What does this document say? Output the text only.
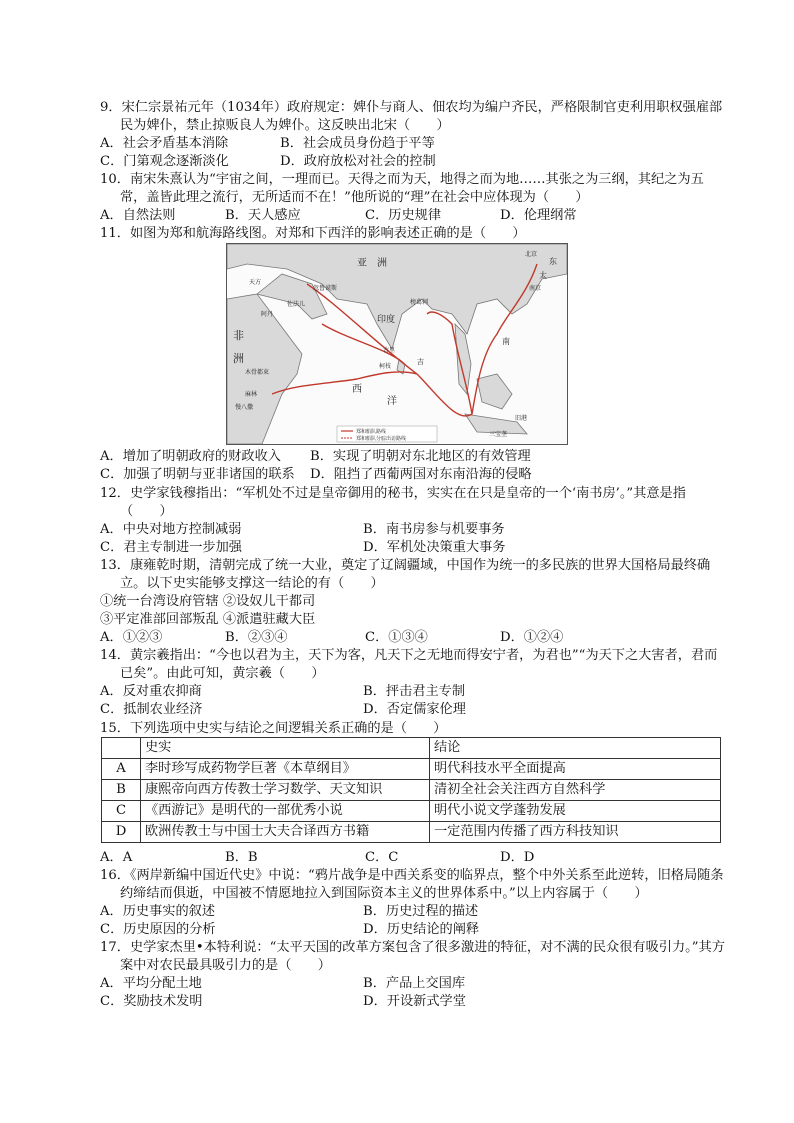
9．宋仁宗景祐元年（1034年）政府规定：婢仆与商人、佃农均为编户齐民，严格限制官吏利用职权强雇部民为婢仆，禁止掠贩良人为婢仆。这反映出北宋（　　）

A．社会矛盾基本消除	B．社会成员身份趋于平等
C．门第观念逐渐淡化	D．政府放松对社会的控制

10．南宋朱熹认为“宇宙之间，一理而已。天得之而为天，地得之而为地……其张之为三纲，其纪之为五常，盖皆此理之流行，无所适而不在！”他所说的“理”在社会中应体现为（　　）

A．自然法则	B．天人感应	C．历史规律	D．伦理纲常

11．如图为郑和航海路线图。对郑和下西洋的影响表述正确的是（　　）

亚　洲
非
洲
印度
西
洋
天方
阿丹
佐法儿
忽鲁谟斯
木骨都束
麻林
慢八撒
古里
柯枝
榜葛剌
旧港
三宝垄
北京
南京
东
太
南
吉
郑和船队路线
郑和船队分腙出访路线
A．增加了明朝政府的财政收入 B．实现了明朝对东北地区的有效管理
C．加强了明朝与亚非诸国的联系 D．阻挡了西葡两国对东南沿海的侵略

12．史学家钱穆指出：“军机处不过是皇帝御用的秘书，实实在在只是皇帝的一个‘南书房’。”其意是指（　　）

A．中央对地方控制减弱	B．南书房参与机要事务
C．君主专制进一步加强	D．军机处决策重大事务

13．康雍乾时期，清朝完成了统一大业，奠定了辽阔疆域，中国作为统一的多民族的世界大国格局最终确立。以下史实能够支撑这一结论的有（　　）

①统一台湾设府管辖 ②设奴儿干都司

③平定准部回部叛乱 ④派遣驻藏大臣

A．①②③	B．②③④	C．①③④	D．①②④

14．黄宗羲指出：“今也以君为主，天下为客，凡天下之无地而得安宁者，为君也”“为天下之大害者，君而已矣”。由此可知，黄宗羲（　　）

A．反对重农抑商	B．抨击君主专制
C．抵制农业经济	D．否定儒家伦理

15．下列选项中史实与结论之间逻辑关系正确的是（　　）

	史实	结论
A	李时珍写成药物学巨著《本草纲目》	明代科技水平全面提高
B	康熙帝向西方传教士学习数学、天文知识	清初全社会关注西方自然科学
C	《西游记》是明代的一部优秀小说	明代小说文学蓬勃发展
D	欧洲传教士与中国士大夫合译西方书籍	一定范围内传播了西方科技知识
A．A	B．B	C．C	D．D

16．《两岸新编中国近代史》中说：“鸦片战争是中西关系变的临界点，整个中外关系至此逆转，旧格局随条约缔结而俱逝，中国被不情愿地拉入到国际资本主义的世界体系中。”以上内容属于（　　）

A．历史事实的叙述	B．历史过程的描述
C．历史原因的分析	D．历史结论的阐释

17．史学家杰里•本特利说：“太平天国的改革方案包含了很多激进的特征，对不满的民众很有吸引力。”其方案中对农民最具吸引力的是（　　）

A．平均分配土地	B．产品上交国库
C．奖励技术发明	D．开设新式学堂
